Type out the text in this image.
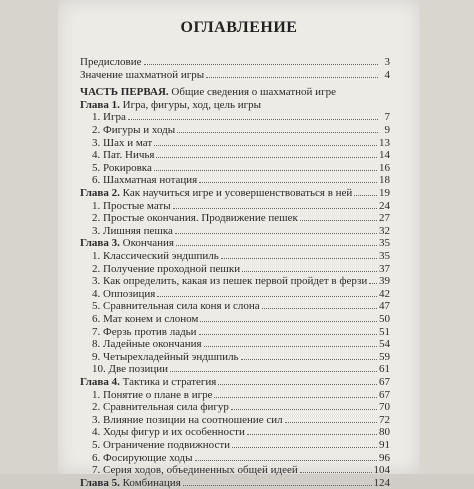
ОГЛАВЛЕНИЕ
Предисловие	3
Значение шахматной игры	4
ЧАСТЬ ПЕРВАЯ. Общие сведения о шахматной игре
Глава 1. Игра, фигуры, ход, цель игры
1. Игра	7
2. Фигуры и ходы	9
3. Шах и мат	13
4. Пат. Ничья	14
5. Рокировка	16
6. Шахматная нотация	18
Глава 2. Как научиться игре и усовершенствоваться в ней 19
1. Простые маты	24
2. Простые окончания. Продвижение пешек	27
3. Лишняя пешка	32
Глава 3. Окончания	35
1. Классический эндшпиль	35
2. Получение проходной пешки	37
3. Как определить, какая из пешек первой пройдет в ферзи 39
4. Оппозиция	42
5. Сравнительная сила коня и слона	47
6. Мат конем и слоном	50
7. Ферзь против ладьи	51
8. Ладейные окончания	54
9. Четырехладейный эндшпиль	59
10. Две позиции	61
Глава 4. Тактика и стратегия	67
1. Понятие о плане в игре	67
2. Сравнительная сила фигур	70
3. Влияние позиции на соотношение сил	72
4. Ходы фигур и их особенности	80
5. Ограничение подвижности	91
6. Фосирующие ходы	96
7. Серия ходов, объединенных общей идеей	104
Глава 5. Комбинация	124
